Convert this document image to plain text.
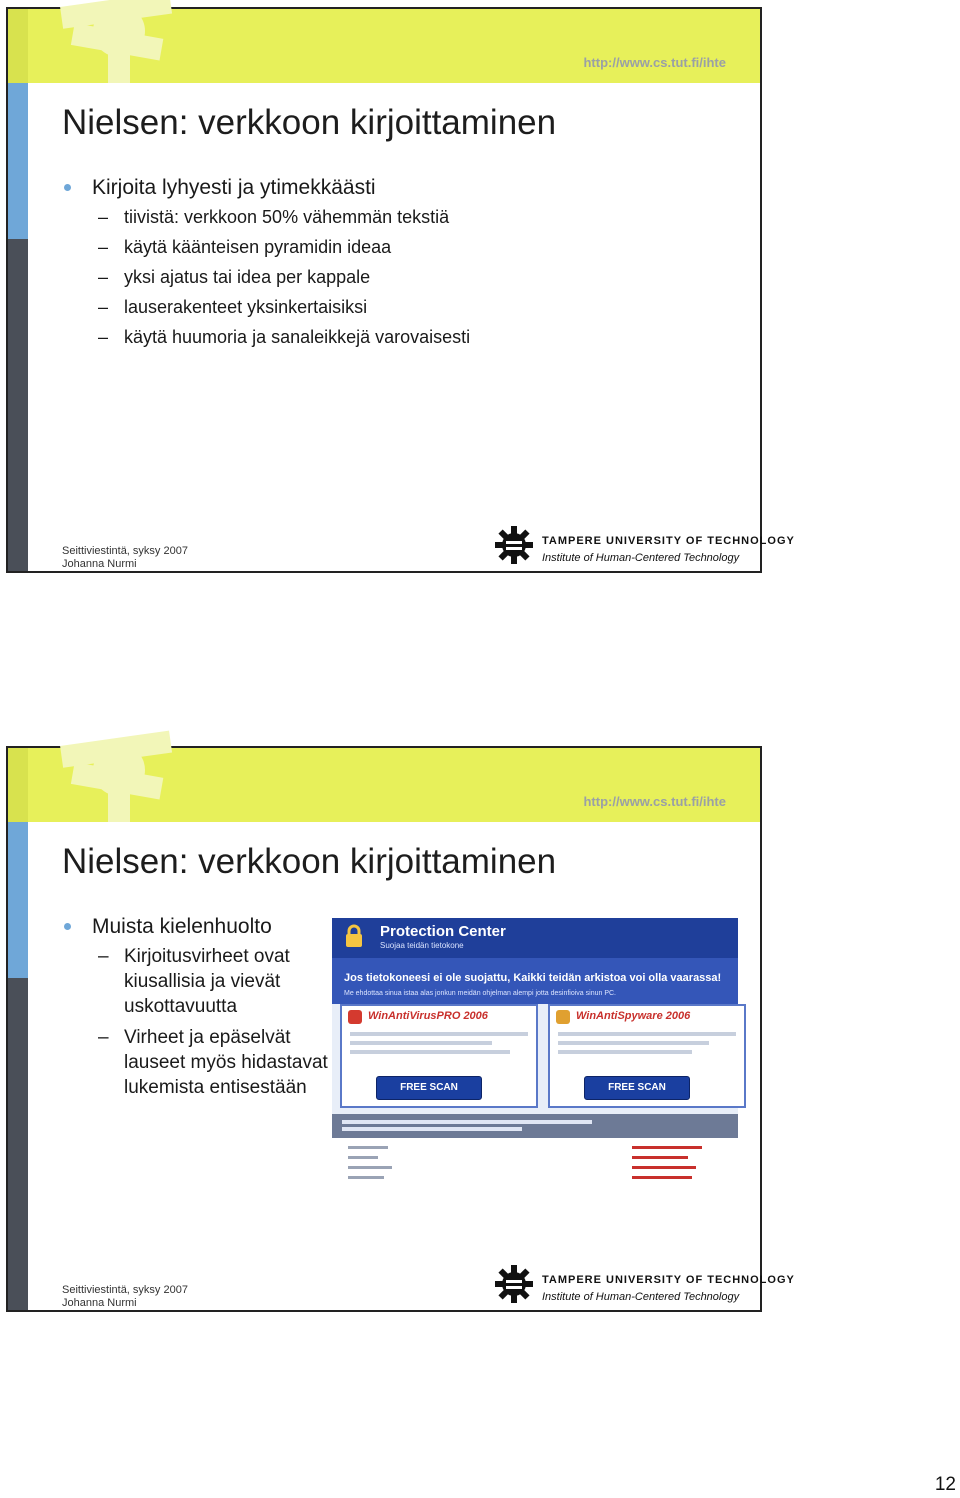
http://www.cs.tut.fi/ihte
Nielsen: verkkoon kirjoittaminen
Kirjoita lyhyesti ja ytimekkäästi
– tiivistä: verkkoon 50% vähemmän tekstiä
– käytä käänteisen pyramidin ideaa
– yksi ajatus tai idea per kappale
– lauserakenteet yksinkertaisiksi
– käytä huumoria ja sanaleikkejä varovaisesti
Seittiviestintä, syksy 2007
Johanna Nurmi
TAMPERE UNIVERSITY OF TECHNOLOGY
Institute of Human-Centered Technology
http://www.cs.tut.fi/ihte
Nielsen: verkkoon kirjoittaminen
Muista kielenhuolto
– Kirjoitusvirheet ovat kiusallisia ja vievät uskottavuutta
– Virheet ja epäselvät lauseet myös hidastavat lukemista entisestään
Protection Center
Suojaa teidän tietokone
Jos tietokoneesi ei ole suojattu, Kaikki teidän arkistoa voi olla vaarassa!
Me ehdottaa sinua istaa alas jonkun meidän ohjelman alempi jotta desinfioiva sinun PC.
WinAntiVirusPRO 2006
FREE SCAN
WinAntiSpyware 2006
FREE SCAN
Seittiviestintä, syksy 2007
Johanna Nurmi
TAMPERE UNIVERSITY OF TECHNOLOGY
Institute of Human-Centered Technology
12
